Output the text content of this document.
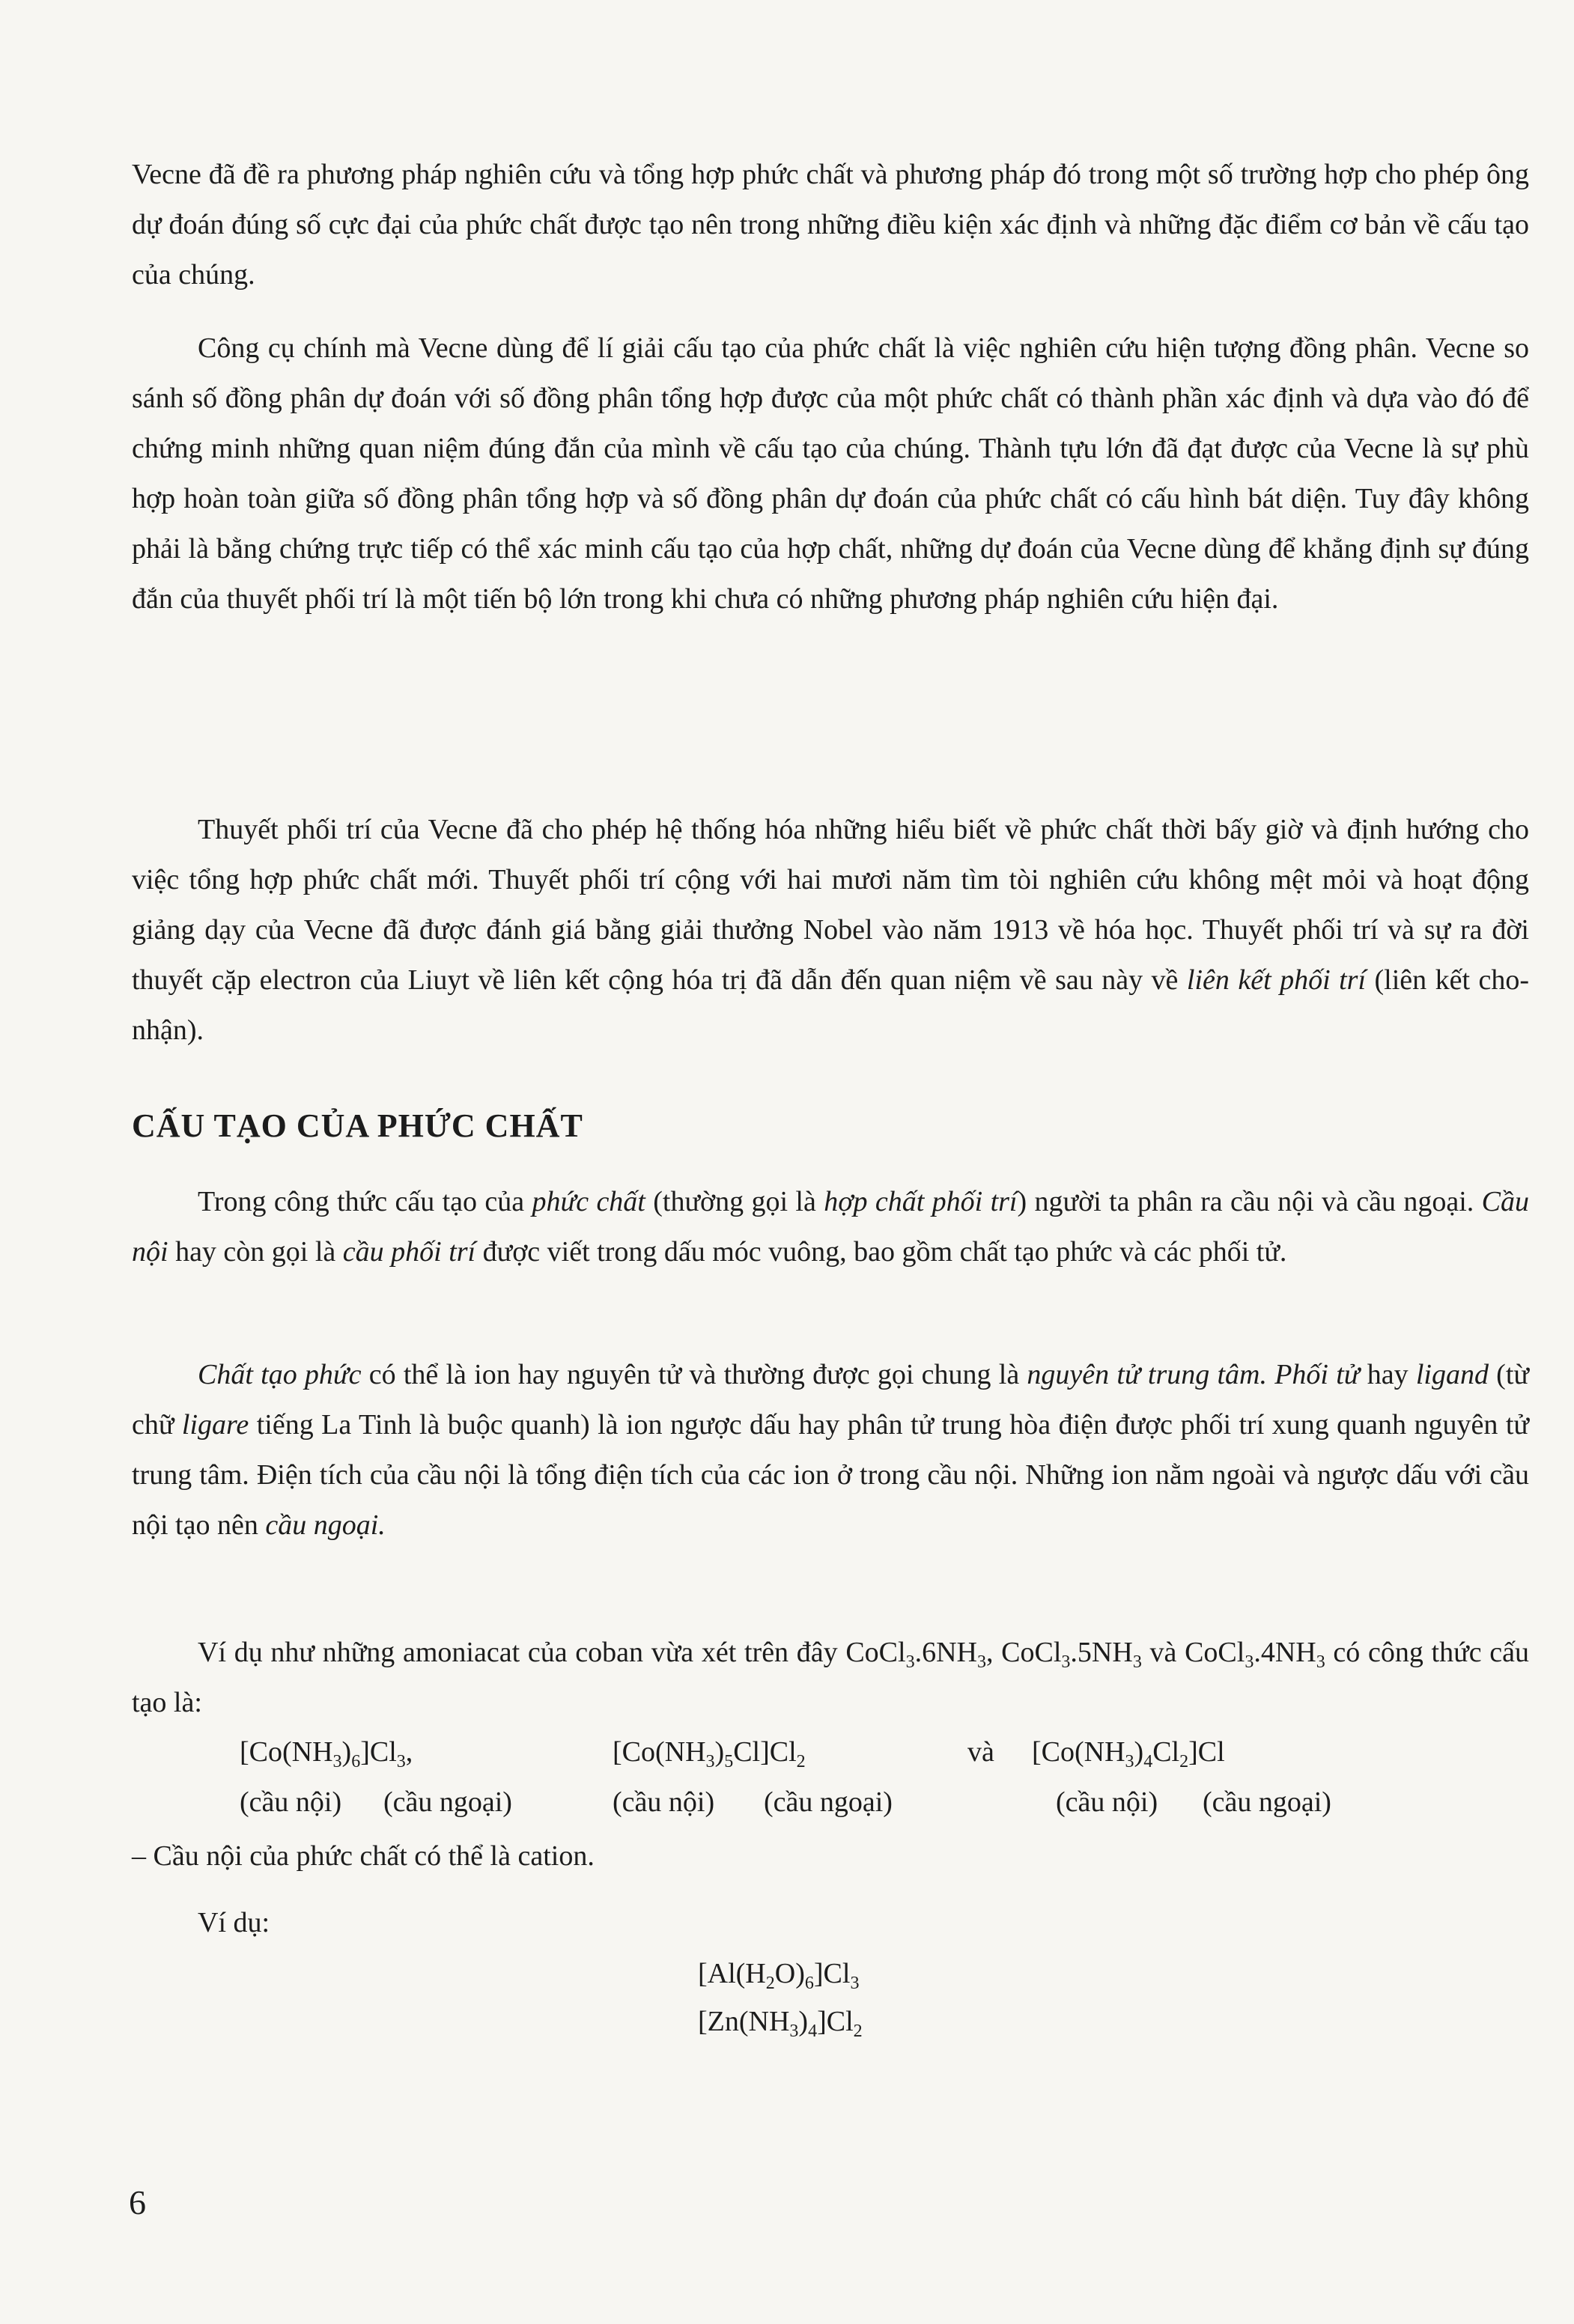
Vecne đã đề ra phương pháp nghiên cứu và tổng hợp phức chất và phương pháp đó trong một số trường hợp cho phép ông dự đoán đúng số cực đại của phức chất được tạo nên trong những điều kiện xác định và những đặc điểm cơ bản về cấu tạo của chúng.

Công cụ chính mà Vecne dùng để lí giải cấu tạo của phức chất là việc nghiên cứu hiện tượng đồng phân. Vecne so sánh số đồng phân dự đoán với số đồng phân tổng hợp được của một phức chất có thành phần xác định và dựa vào đó để chứng minh những quan niệm đúng đắn của mình về cấu tạo của chúng. Thành tựu lớn đã đạt được của Vecne là sự phù hợp hoàn toàn giữa số đồng phân tổng hợp và số đồng phân dự đoán của phức chất có cấu hình bát diện. Tuy đây không phải là bằng chứng trực tiếp có thể xác minh cấu tạo của hợp chất, những dự đoán của Vecne dùng để khẳng định sự đúng đắn của thuyết phối trí là một tiến bộ lớn trong khi chưa có những phương pháp nghiên cứu hiện đại.

Thuyết phối trí của Vecne đã cho phép hệ thống hóa những hiểu biết về phức chất thời bấy giờ và định hướng cho việc tổng hợp phức chất mới. Thuyết phối trí cộng với hai mươi năm tìm tòi nghiên cứu không mệt mỏi và hoạt động giảng dạy của Vecne đã được đánh giá bằng giải thưởng Nobel vào năm 1913 về hóa học. Thuyết phối trí và sự ra đời thuyết cặp electron của Liuyt về liên kết cộng hóa trị đã dẫn đến quan niệm về sau này về liên kết phối trí (liên kết cho-nhận).

CẤU TẠO CỦA PHỨC CHẤT

Trong công thức cấu tạo của phức chất (thường gọi là hợp chất phối trí) người ta phân ra cầu nội và cầu ngoại. Cầu nội hay còn gọi là cầu phối trí được viết trong dấu móc vuông, bao gồm chất tạo phức và các phối tử.

Chất tạo phức có thể là ion hay nguyên tử và thường được gọi chung là nguyên tử trung tâm. Phối tử hay ligand (từ chữ ligare tiếng La Tinh là buộc quanh) là ion ngược dấu hay phân tử trung hòa điện được phối trí xung quanh nguyên tử trung tâm. Điện tích của cầu nội là tổng điện tích của các ion ở trong cầu nội. Những ion nằm ngoài và ngược dấu với cầu nội tạo nên cầu ngoại.

Ví dụ như những amoniacat của coban vừa xét trên đây $CoCl_3.6NH_3$, $CoCl_3.5NH_3$ và $CoCl_3.4NH_3$ có công thức cấu tạo là:

$[Co(NH_3)_6]Cl_3$,	$[Co(NH_3)_5Cl]Cl_2$	và $[Co(NH_3)_4Cl_2]Cl$
(cầu nội) (cầu ngoại)	(cầu nội) (cầu ngoại)	(cầu nội) (cầu ngoại)

– Cầu nội của phức chất có thể là cation.

Ví dụ:

$[Al(H_2O)_6]Cl_3$
$[Zn(NH_3)_4]Cl_2$
6
